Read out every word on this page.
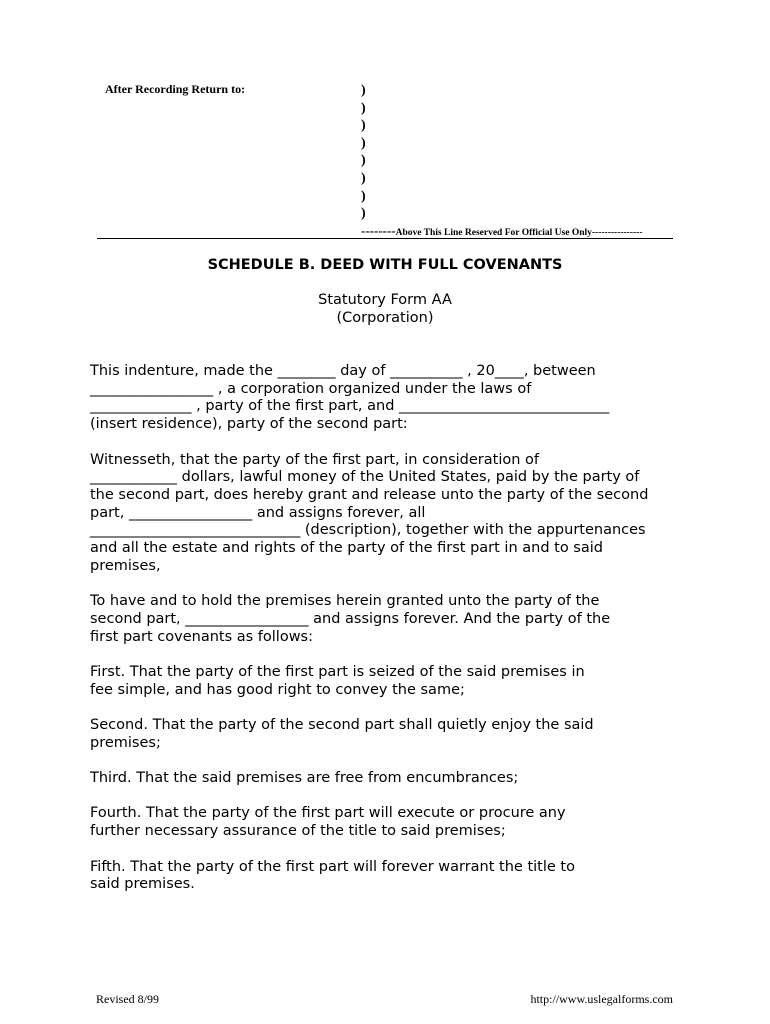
After Recording Return to:	)
)
)
)
)
)
)
)
--------Above This Line Reserved For Official Use Only----------------
SCHEDULE B. DEED WITH FULL COVENANTS
Statutory Form AA
(Corporation)

This indenture, made the ________ day of __________ , 20____, between
_________________ , a corporation organized under the laws of
______________ , party of the first part, and _____________________________
(insert residence), party of the second part:

Witnesseth, that the party of the first part, in consideration of
____________ dollars, lawful money of the United States, paid by the party of
the second part, does hereby grant and release unto the party of the second
part, _________________ and assigns forever, all
_____________________________ (description), together with the appurtenances
and all the estate and rights of the party of the first part in and to said
premises,

To have and to hold the premises herein granted unto the party of the
second part, _________________ and assigns forever. And the party of the
first part covenants as follows:

First. That the party of the first part is seized of the said premises in
fee simple, and has good right to convey the same;

Second. That the party of the second part shall quietly enjoy the said
premises;

Third. That the said premises are free from encumbrances;

Fourth. That the party of the first part will execute or procure any
further necessary assurance of the title to said premises;

Fifth. That the party of the first part will forever warrant the title to
said premises.

Revised 8/99	http://www.uslegalforms.com
